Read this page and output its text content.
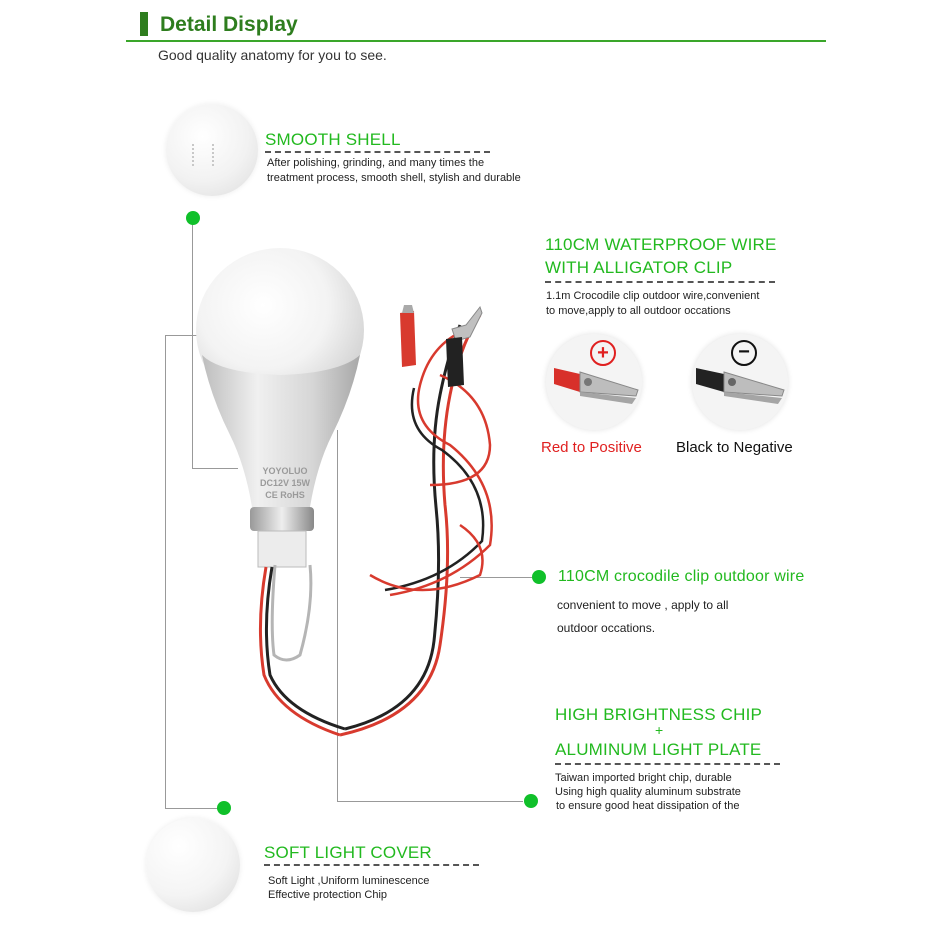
Detail Display
Good quality anatomy for you to see.
SMOOTH SHELL
After polishing, grinding, and many times the
treatment process, smooth shell, stylish and durable
110CM WATERPROOF WIRE
WITH ALLIGATOR CLIP
1.1m Crocodile clip outdoor wire,convenient
to move,apply to all outdoor occations
+
Red to Positive
−
Black to Negative
YOYOLUO
DC12V 15W
CE RoHS
110CM crocodile clip outdoor wire
convenient to move , apply to all
outdoor occations.
HIGH BRIGHTNESS CHIP
+
ALUMINUM LIGHT PLATE
Taiwan imported bright chip, durable
Using high quality aluminum substrate
to ensure good heat dissipation of the
SOFT LIGHT COVER
Soft Light ,Uniform luminescence
Effective protection Chip
